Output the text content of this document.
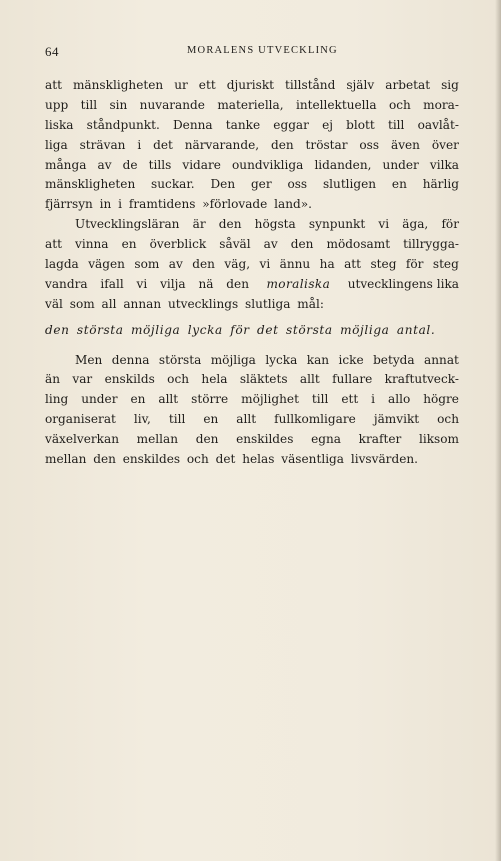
64	MORALENS UTVECKLING
att mänskligheten ur ett djuriskt tillstånd själv arbetat sig
upp till sin nuvarande materiella, intellektuella och mora-
liska ståndpunkt. Denna tanke eggar ej blott till oavlåt-
liga strävan i det närvarande, den tröstar oss även över
många av de tills vidare oundvikliga lidanden, under vilka
mänskligheten suckar. Den ger oss slutligen en härlig
fjärrsyn in i framtidens »förlovade land».
Utvecklingsläran är den högsta synpunkt vi äga, för
att vinna en överblick såväl av den mödosamt tillrygga-
lagda vägen som av den väg, vi ännu ha att steg för steg
vandra ifall vi vilja nä den moraliska utvecklingens lika
väl som all annan utvecklings slutliga mål:
den största möjliga lycka för det största möjliga antal.
Men denna största möjliga lycka kan icke betyda annat
än var enskilds och hela släktets allt fullare kraftutveck-
ling under en allt större möjlighet till ett i allo högre
organiserat liv, till en allt fullkomligare jämvikt och
växelverkan mellan den enskildes egna krafter liksom
mellan den enskildes och det helas väsentliga livsvärden.
